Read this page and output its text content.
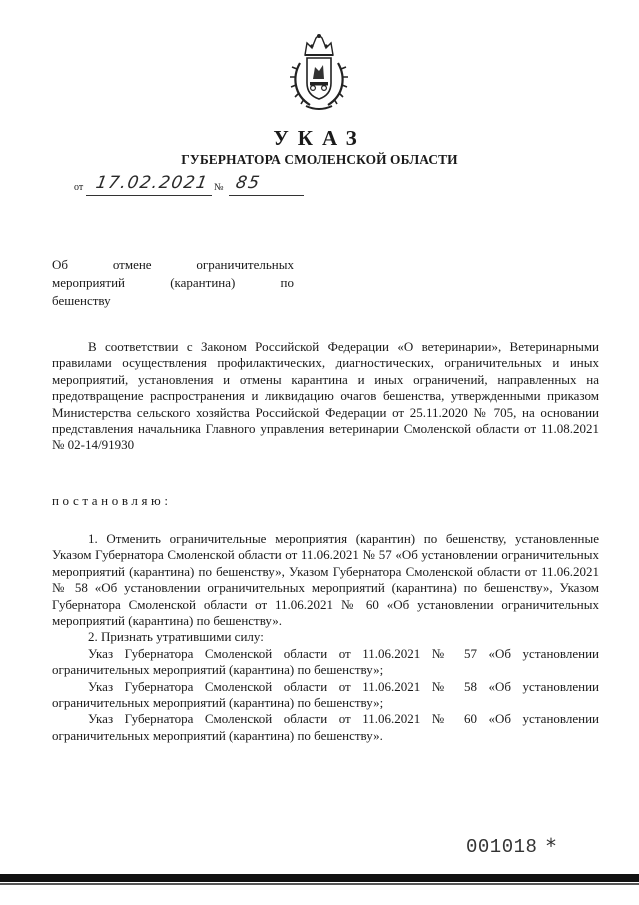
УКАЗ
ГУБЕРНАТОРА СМОЛЕНСКОЙ ОБЛАСТИ
от 17.02.2021 № 85
Об отмене ограничительных
мероприятий (карантина) по
бешенству

В соответствии с Законом Российской Федерации «О ветеринарии», Ветеринарными правилами осуществления профилактических, диагностических, ограничительных и иных мероприятий, установления и отмены карантина и иных ограничений, направленных на предотвращение распространения и ликвидацию очагов бешенства, утвержденными приказом Министерства сельского хозяйства Российской Федерации от 25.11.2020 № 705, на основании представления начальника Главного управления ветеринарии Смоленской области от 11.08.2021 № 02-14/91930

постановляю:

1. Отменить ограничительные мероприятия (карантин) по бешенству, установленные Указом Губернатора Смоленской области от 11.06.2021 № 57 «Об установлении ограничительных мероприятий (карантина) по бешенству», Указом Губернатора Смоленской области от 11.06.2021 № 58 «Об установлении ограничительных мероприятий (карантина) по бешенству», Указом Губернатора Смоленской области от 11.06.2021 № 60 «Об установлении ограничительных мероприятий (карантина) по бешенству».

2. Признать утратившими силу:

Указ Губернатора Смоленской области от 11.06.2021 № 57 «Об установлении ограничительных мероприятий (карантина) по бешенству»;

Указ Губернатора Смоленской области от 11.06.2021 № 58 «Об установлении ограничительных мероприятий (карантина) по бешенству»;

Указ Губернатора Смоленской области от 11.06.2021 № 60 «Об установлении ограничительных мероприятий (карантина) по бешенству».

001018 *
